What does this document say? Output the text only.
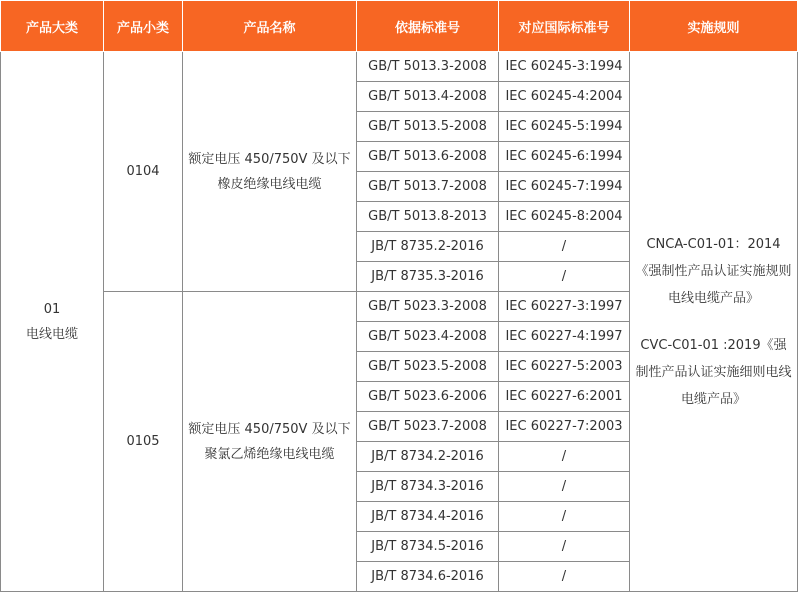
产品大类	产品小类	产品名称	依据标准号	对应国际标准号	实施规则

01
电线电缆	0104	额定电压 450/750V 及以下橡皮绝缘电线电缆	GB/T 5013.3-2008	IEC 60245-3:1994	CNCA-C01-01：2014《强制性产品认证实施规则 电线电缆产品》
CVC-C01-01 :2019《强制性产品认证实施细则电线电缆产品》

			GB/T 5013.4-2008	IEC 60245-4:2004	
			GB/T 5013.5-2008	IEC 60245-5:1994	
			GB/T 5013.6-2008	IEC 60245-6:1994	
			GB/T 5013.7-2008	IEC 60245-7:1994	
			GB/T 5013.8-2013	IEC 60245-8:2004	
			JB/T 8735.2-2016	/	
			JB/T 8735.3-2016	/	
	0105	额定电压 450/750V 及以下聚氯乙烯绝缘电线电缆	GB/T 5023.3-2008	IEC 60227-3:1997	
			GB/T 5023.4-2008	IEC 60227-4:1997	
			GB/T 5023.5-2008	IEC 60227-5:2003	
			GB/T 5023.6-2006	IEC 60227-6:2001	
			GB/T 5023.7-2008	IEC 60227-7:2003	
			JB/T 8734.2-2016	/	
			JB/T 8734.3-2016	/	
			JB/T 8734.4-2016	/	
			JB/T 8734.5-2016	/	
			JB/T 8734.6-2016	/	
